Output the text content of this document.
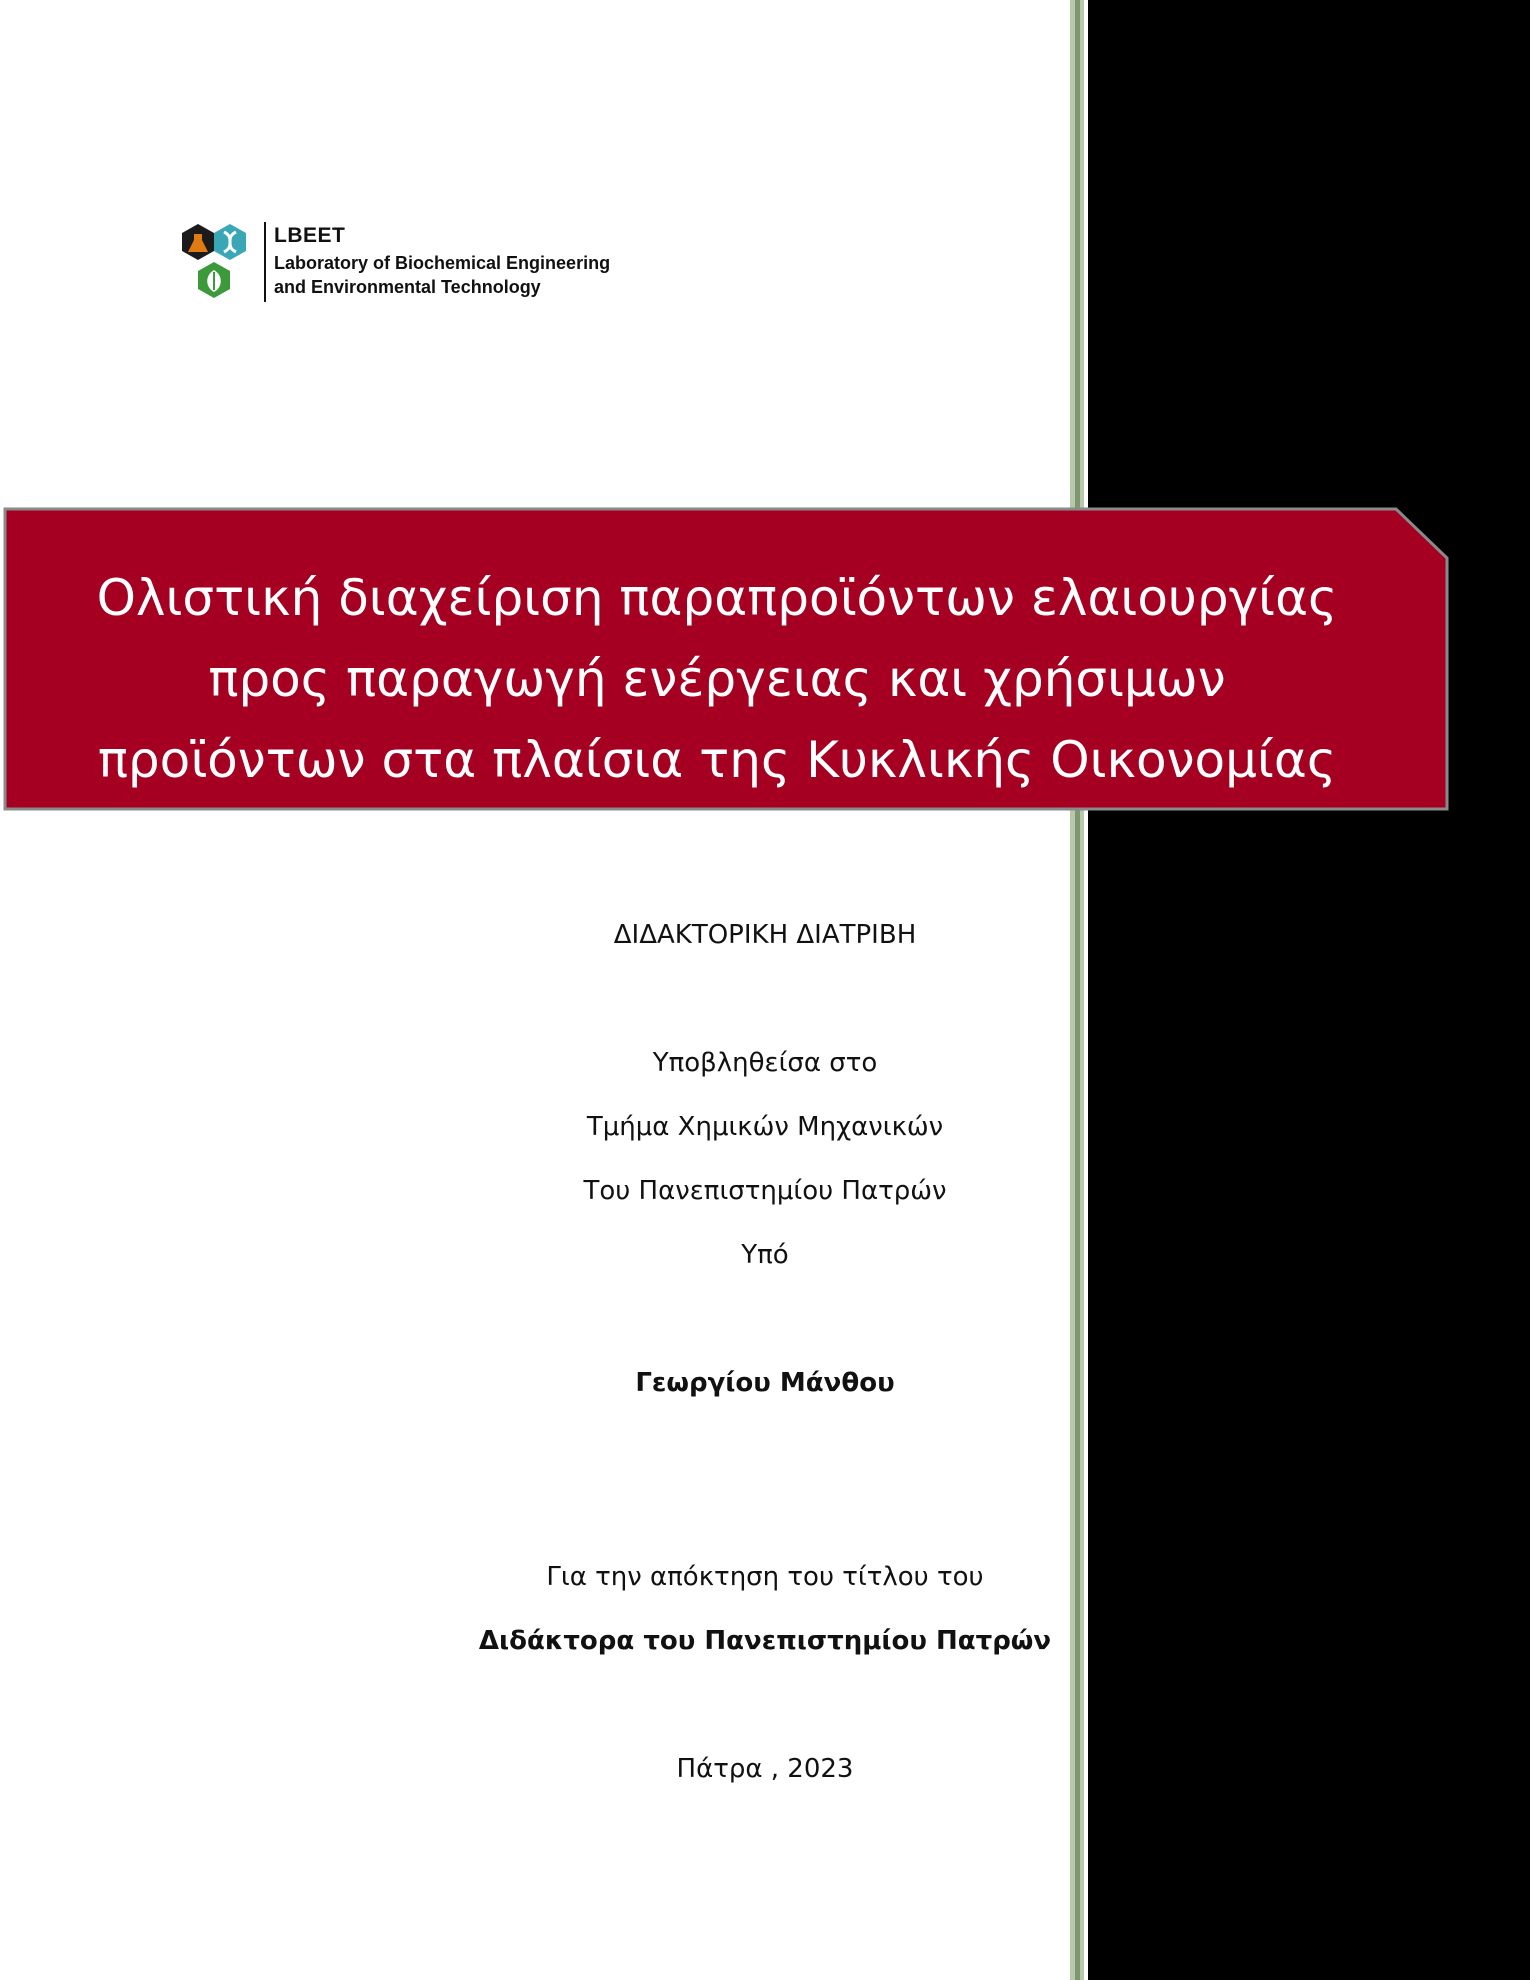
LBEET
Laboratory of Biochemical Engineering
and Environmental Technology
Ολιστική διαχείριση παραπροϊόντων ελαιουργίας
προς παραγωγή ενέργειας και χρήσιμων
προϊόντων στα πλαίσια της Κυκλικής Οικονομίας
ΔΙΔΑΚΤΟΡΙΚΗ ΔΙΑΤΡΙΒΗ
Υποβληθείσα στο
Τμήμα Χημικών Μηχανικών
Του Πανεπιστημίου Πατρών
Υπό
Γεωργίου Μάνθου
Για την απόκτηση του τίτλου του
Διδάκτορα του Πανεπιστημίου Πατρών
Πάτρα , 2023
